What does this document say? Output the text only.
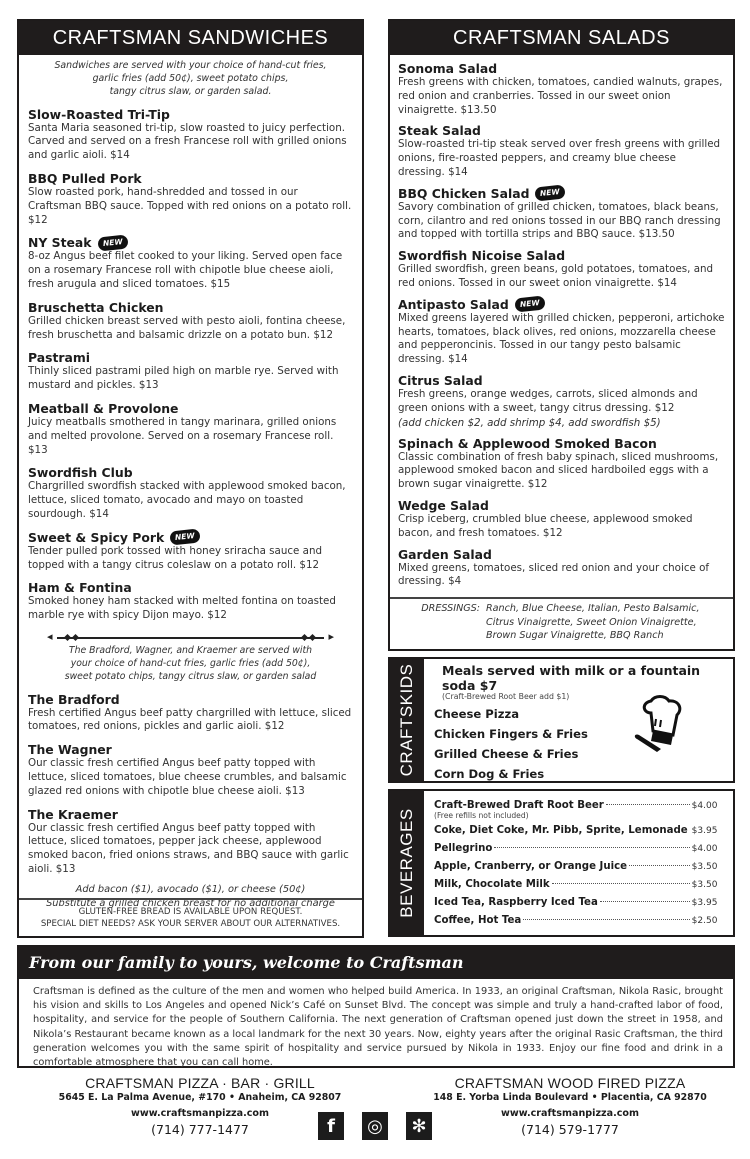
CRAFTSMAN SANDWICHES
Sandwiches are served with your choice of hand-cut fries,
garlic fries (add 50¢), sweet potato chips,
tangy citrus slaw, or garden salad.
Slow-Roasted Tri-Tip
Santa Maria seasoned tri-tip, slow roasted to juicy perfection. Carved and served on a fresh Francese roll with grilled onions and garlic aioli. $14
BBQ Pulled Pork
Slow roasted pork, hand-shredded and tossed in our Craftsman BBQ sauce. Topped with red onions on a potato roll. $12
NY Steak	NEW
8-oz Angus beef filet cooked to your liking. Served open face on a rosemary Francese roll with chipotle blue cheese aioli, fresh arugula and sliced tomatoes. $15
Bruschetta Chicken
Grilled chicken breast served with pesto aioli, fontina cheese, fresh bruschetta and balsamic drizzle on a potato bun. $12
Pastrami
Thinly sliced pastrami piled high on marble rye. Served with mustard and pickles. $13
Meatball & Provolone
Juicy meatballs smothered in tangy marinara, grilled onions and melted provolone. Served on a rosemary Francese roll. $13
Swordfish Club
Chargrilled swordfish stacked with applewood smoked bacon, lettuce, sliced tomato, avocado and mayo on toasted sourdough. $14
Sweet & Spicy Pork	NEW
Tender pulled pork tossed with honey sriracha sauce and topped with a tangy citrus coleslaw on a potato roll. $12
Ham & Fontina
Smoked honey ham stacked with melted fontina on toasted marble rye with spicy Dijon mayo. $12
◂	▸
The Bradford, Wagner, and Kraemer are served with
your choice of hand-cut fries, garlic fries (add 50¢),
sweet potato chips, tangy citrus slaw, or garden salad
The Bradford
Fresh certified Angus beef patty chargrilled with lettuce, sliced tomatoes, red onions, pickles and garlic aioli. $12
The Wagner
Our classic fresh certified Angus beef patty topped with lettuce, sliced tomatoes, blue cheese crumbles, and balsamic glazed red onions with chipotle blue cheese aioli. $13
The Kraemer
Our classic fresh certified Angus beef patty topped with lettuce, sliced tomatoes, pepper jack cheese, applewood smoked bacon, fried onions straws, and BBQ sauce with garlic aioli. $13
Add bacon ($1), avocado ($1), or cheese (50¢)
Substitute a grilled chicken breast for no additional charge
GLUTEN-FREE BREAD IS AVAILABLE UPON REQUEST.
SPECIAL DIET NEEDS? ASK YOUR SERVER ABOUT OUR ALTERNATIVES.
CRAFTSMAN SALADS
Sonoma Salad
Fresh greens with chicken, tomatoes, candied walnuts, grapes, red onion and cranberries. Tossed in our sweet onion vinaigrette. $13.50
Steak Salad
Slow-roasted tri-tip steak served over fresh greens with grilled onions, fire-roasted peppers, and creamy blue cheese dressing. $14
BBQ Chicken Salad	NEW
Savory combination of grilled chicken, tomatoes, black beans, corn, cilantro and red onions tossed in our BBQ ranch dressing and topped with tortilla strips and BBQ sauce. $13.50
Swordfish Nicoise Salad
Grilled swordfish, green beans, gold potatoes, tomatoes, and red onions. Tossed in our sweet onion vinaigrette. $14
Antipasto Salad	NEW
Mixed greens layered with grilled chicken, pepperoni, artichoke hearts, tomatoes, black olives, red onions, mozzarella cheese and pepperoncinis. Tossed in our tangy pesto balsamic dressing. $14
Citrus Salad
Fresh greens, orange wedges, carrots, sliced almonds and green onions with a sweet, tangy citrus dressing. $12
(add chicken $2, add shrimp $4, add swordfish $5)
Spinach & Applewood Smoked Bacon
Classic combination of fresh baby spinach, sliced mushrooms, applewood smoked bacon and sliced hardboiled eggs with a brown sugar vinaigrette. $12
Wedge Salad
Crisp iceberg, crumbled blue cheese, applewood smoked bacon, and fresh tomatoes. $12
Garden Salad
Mixed greens, tomatoes, sliced red onion and your choice of dressing. $4
DRESSINGS: Ranch, Blue Cheese, Italian, Pesto Balsamic,
Citrus Vinaigrette, Sweet Onion Vinaigrette,
Brown Sugar Vinaigrette, BBQ Ranch
CRAFTSKIDS	Meals served with milk or a fountain soda $7
(Craft-Brewed Root Beer add $1)
Cheese Pizza
Chicken Fingers & Fries
Grilled Cheese & Fries
Corn Dog & Fries
BEVERAGES
Craft-Brewed Draft Root Beer	$4.00
(Free refills not included)
Coke, Diet Coke, Mr. Pibb, Sprite, Lemonade $3.95
Pellegrino	$4.00
Apple, Cranberry, or Orange Juice	$3.50
Milk, Chocolate Milk	$3.50
Iced Tea, Raspberry Iced Tea	$3.95
Coffee, Hot Tea	$2.50
From our family to yours, welcome to Craftsman
Craftsman is defined as the culture of the men and women who helped build America. In 1933, an original Craftsman, Nikola Rasic, brought his vision and skills to Los Angeles and opened Nick’s Café on Sunset Blvd. The concept was simple and truly a hand-crafted labor of food, hospitality, and service for the people of Southern California. The next generation of Craftsman opened just down the street in 1958, and Nikola’s Restaurant became known as a local landmark for the next 30 years. Now, eighty years after the original Rasic Craftsman, the third generation welcomes you with the same spirit of hospitality and service pursued by Nikola in 1933. Enjoy our fine food and drink in a comfortable atmosphere that you can call home.
CRAFTSMAN PIZZA · BAR · GRILL
5645 E. La Palma Avenue, #170 • Anaheim, CA 92807
www.craftsmanpizza.com
(714) 777-1477	f	◎	✻
CRAFTSMAN WOOD FIRED PIZZA
148 E. Yorba Linda Boulevard • Placentia, CA 92870
www.craftsmanpizza.com
(714) 579-1777
